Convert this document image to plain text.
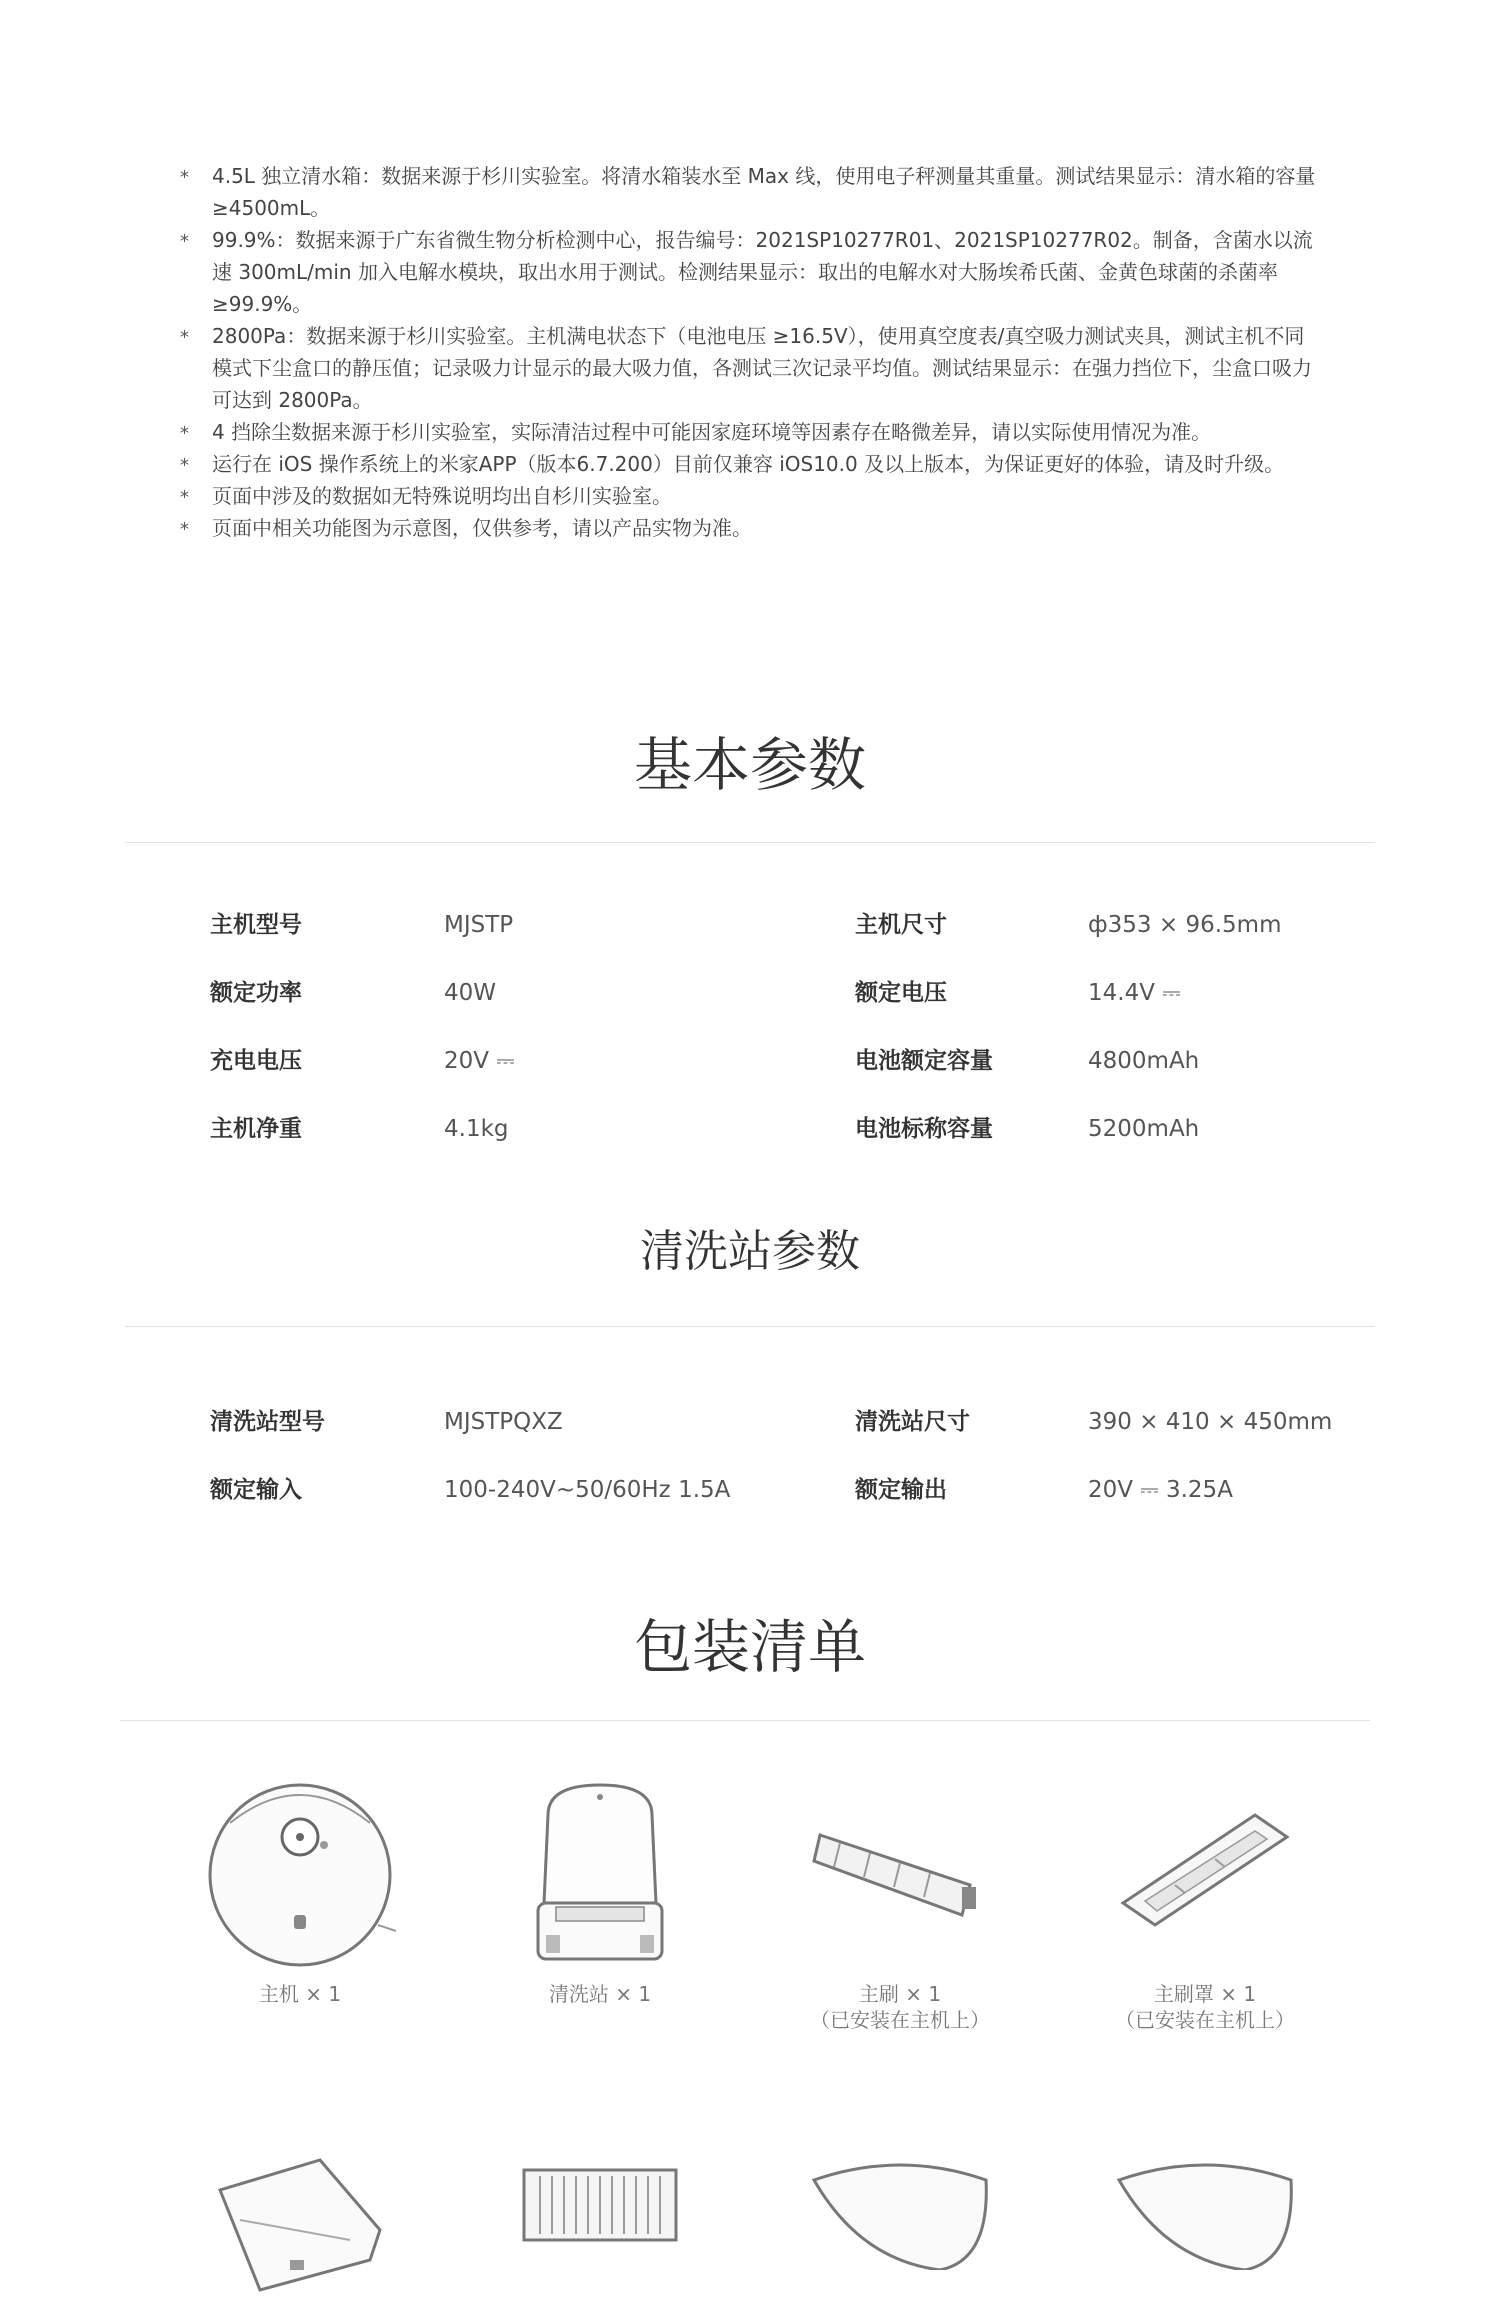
* 4.5L 独立清水箱：数据来源于杉川实验室。将清水箱装水至 Max 线，使用电子秤测量其重量。测试结果显示：清水箱的容量 ≥4500mL。
* 99.9%：数据来源于广东省微生物分析检测中心，报告编号：2021SP10277R01、2021SP10277R02。制备，含菌水以流速 300mL/min 加入电解水模块，取出水用于测试。检测结果显示：取出的电解水对大肠埃希氏菌、金黄色球菌的杀菌率 ≥99.9%。
* 2800Pa：数据来源于杉川实验室。主机满电状态下（电池电压 ≥16.5V），使用真空度表/真空吸力测试夹具，测试主机不同模式下尘盒口的静压值；记录吸力计显示的最大吸力值，各测试三次记录平均值。测试结果显示：在强力挡位下，尘盒口吸力可达到 2800Pa。
* 4 挡除尘数据来源于杉川实验室，实际清洁过程中可能因家庭环境等因素存在略微差异，请以实际使用情况为准。
* 运行在 iOS 操作系统上的米家APP（版本6.7.200）目前仅兼容 iOS10.0 及以上版本，为保证更好的体验，请及时升级。
* 页面中涉及的数据如无特殊说明均出自杉川实验室。
* 页面中相关功能图为示意图，仅供参考，请以产品实物为准。
基本参数
主机型号	MJSTP	主机尺寸	ф353 × 96.5mm
额定功率	40W	额定电压	14.4V ⎓
充电电压	20V ⎓	电池额定容量	4800mAh
主机净重	4.1kg	电池标称容量	5200mAh
清洗站参数
清洗站型号	MJSTPQXZ	清洗站尺寸	390 × 410 × 450mm
额定输入	100-240V~50/60Hz 1.5A	额定输出	20V ⎓ 3.25A
包装清单
主机 × 1	清洗站 × 1	主刷 × 1
（已安装在主机上）
主刷罩 × 1
（已安装在主机上）
